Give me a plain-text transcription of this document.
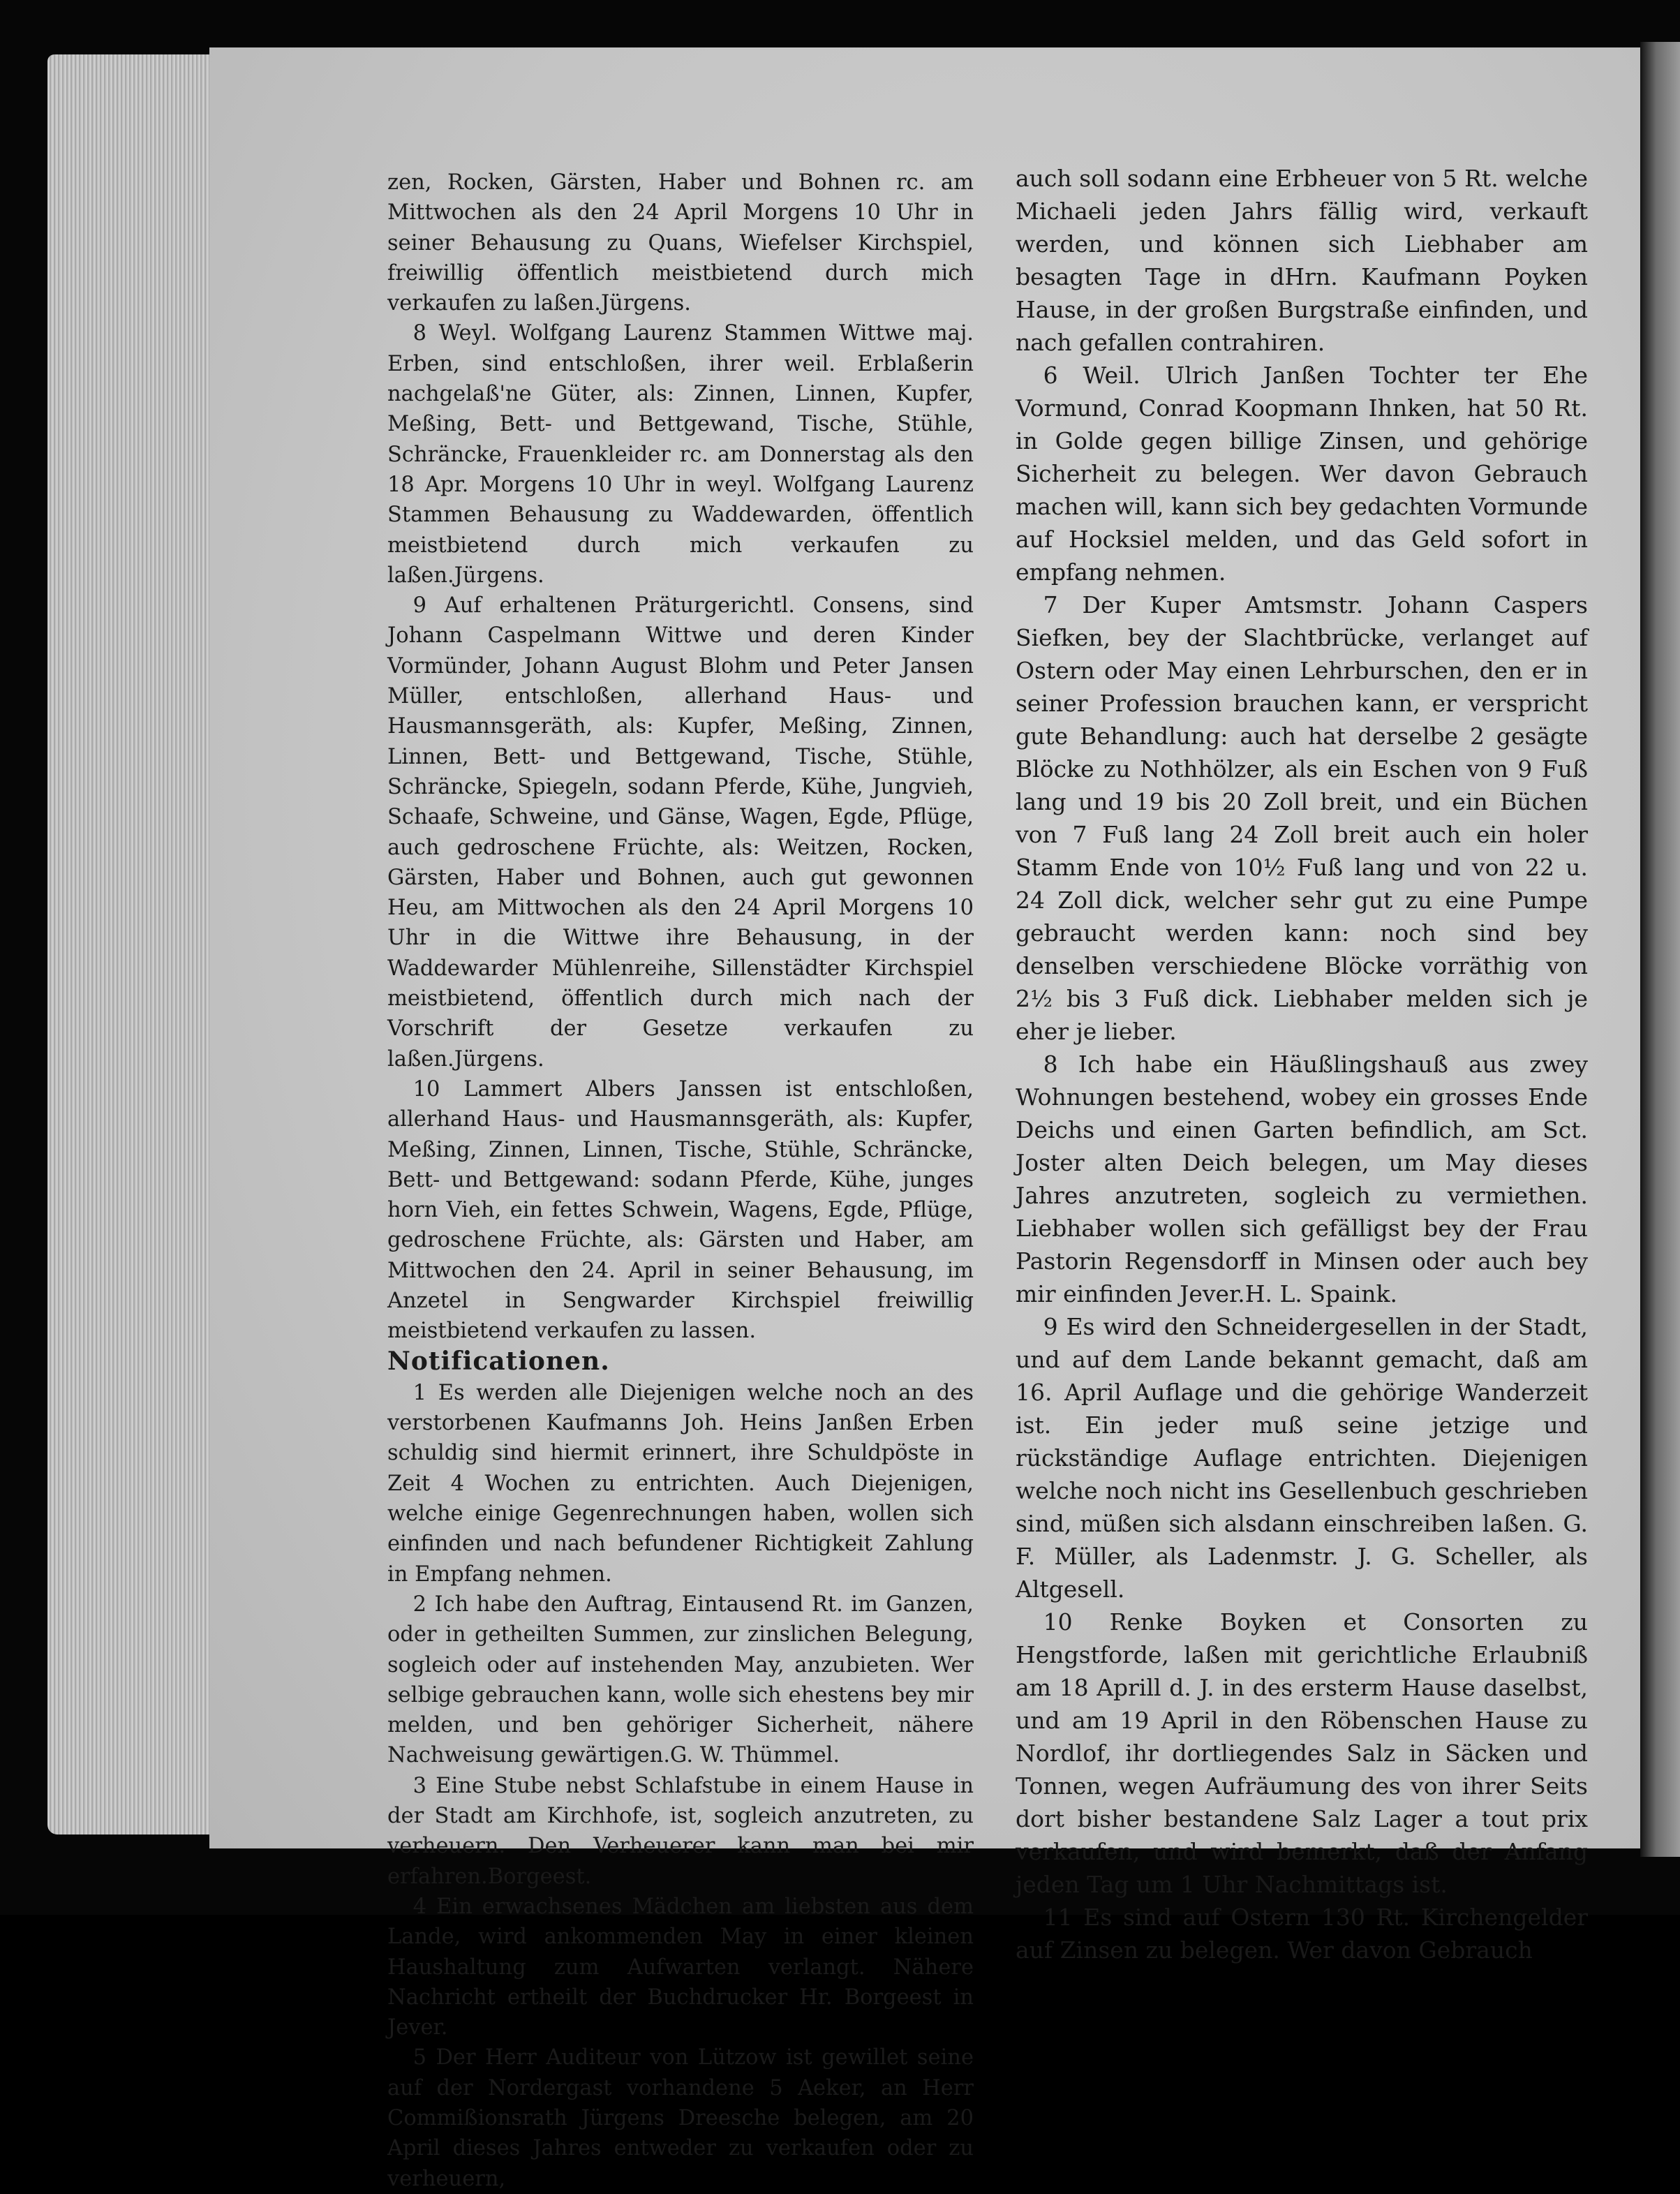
zen, Rocken, Gärsten, Haber und Bohnen rc. am Mittwochen als den 24 April Morgens 10 Uhr in seiner Behausung zu Quans, Wiefelser Kirchspiel, freiwillig öffentlich meistbietend durch mich verkaufen zu laßen.Jürgens.

8 Weyl. Wolfgang Laurenz Stammen Wittwe maj. Erben, sind entschloßen, ihrer weil. Erblaßerin nachgelaß'ne Güter, als: Zinnen, Linnen, Kupfer, Meßing, Bett- und Bettgewand, Tische, Stühle, Schräncke, Frauenkleider rc. am Donnerstag als den 18 Apr. Morgens 10 Uhr in weyl. Wolfgang Laurenz Stammen Behausung zu Waddewarden, öffentlich meistbietend durch mich verkaufen zu laßen.Jürgens.

9 Auf erhaltenen Präturgerichtl. Consens, sind Johann Caspelmann Wittwe und deren Kinder Vormünder, Johann August Blohm und Peter Jansen Müller, entschloßen, allerhand Haus- und Hausmannsgeräth, als: Kupfer, Meßing, Zinnen, Linnen, Bett- und Bettgewand, Tische, Stühle, Schräncke, Spiegeln, sodann Pferde, Kühe, Jungvieh, Schaafe, Schweine, und Gänse, Wagen, Egde, Pflüge, auch gedroschene Früchte, als: Weitzen, Rocken, Gärsten, Haber und Bohnen, auch gut gewonnen Heu, am Mittwochen als den 24 April Morgens 10 Uhr in die Wittwe ihre Behausung, in der Waddewarder Mühlenreihe, Sillenstädter Kirchspiel meistbietend, öffentlich durch mich nach der Vorschrift der Gesetze verkaufen zu laßen.Jürgens.

10 Lammert Albers Janssen ist entschloßen, allerhand Haus- und Hausmannsgeräth, als: Kupfer, Meßing, Zinnen, Linnen, Tische, Stühle, Schräncke, Bett- und Bettgewand: sodann Pferde, Kühe, junges horn Vieh, ein fettes Schwein, Wagens, Egde, Pflüge, gedroschene Früchte, als: Gärsten und Haber, am Mittwochen den 24. April in seiner Behausung, im Anzetel in Sengwarder Kirchspiel freiwillig meistbietend verkaufen zu lassen.

Notificationen.

1 Es werden alle Diejenigen welche noch an des verstorbenen Kaufmanns Joh. Heins Janßen Erben schuldig sind hiermit erinnert, ihre Schuldpöste in Zeit 4 Wochen zu entrichten. Auch Diejenigen, welche einige Gegenrechnungen haben, wollen sich einfinden und nach befundener Richtigkeit Zahlung in Empfang nehmen.

2 Ich habe den Auftrag, Eintausend Rt. im Ganzen, oder in getheilten Summen, zur zinslichen Belegung, sogleich oder auf instehenden May, anzubieten. Wer selbige gebrauchen kann, wolle sich ehestens bey mir melden, und ben gehöriger Sicherheit, nähere Nachweisung gewärtigen.G. W. Thümmel.

3 Eine Stube nebst Schlafstube in einem Hause in der Stadt am Kirchhofe, ist, sogleich anzutreten, zu verheuern. Den Verheuerer kann man bei mir erfahren.Borgeest.

4 Ein erwachsenes Mädchen am liebsten aus dem Lande, wird ankommenden May in einer kleinen Haushaltung zum Aufwarten verlangt. Nähere Nachricht ertheilt der Buchdrucker Hr. Borgeest in Jever.

5 Der Herr Auditeur von Lützow ist gewillet seine auf der Nordergast vorhandene 5 Aeker, an Herr Commißionsrath Jürgens Dreesche belegen, am 20 April dieses Jahres entweder zu verkaufen oder zu verheuern,

auch soll sodann eine Erbheuer von 5 Rt. welche Michaeli jeden Jahrs fällig wird, verkauft werden, und können sich Liebhaber am besagten Tage in dHrn. Kaufmann Poyken Hause, in der großen Burgstraße einfinden, und nach gefallen contrahiren.

6 Weil. Ulrich Janßen Tochter ter Ehe Vormund, Conrad Koopmann Ihnken, hat 50 Rt. in Golde gegen billige Zinsen, und gehörige Sicherheit zu belegen. Wer davon Gebrauch machen will, kann sich bey gedachten Vormunde auf Hocksiel melden, und das Geld sofort in empfang nehmen.

7 Der Kuper Amtsmstr. Johann Caspers Siefken, bey der Slachtbrücke, verlanget auf Ostern oder May einen Lehrburschen, den er in seiner Profession brauchen kann, er verspricht gute Behandlung: auch hat derselbe 2 gesägte Blöcke zu Nothhölzer, als ein Eschen von 9 Fuß lang und 19 bis 20 Zoll breit, und ein Büchen von 7 Fuß lang 24 Zoll breit auch ein holer Stamm Ende von 10½ Fuß lang und von 22 u. 24 Zoll dick, welcher sehr gut zu eine Pumpe gebraucht werden kann: noch sind bey denselben verschiedene Blöcke vorräthig von 2½ bis 3 Fuß dick. Liebhaber melden sich je eher je lieber.

8 Ich habe ein Häußlingshauß aus zwey Wohnungen bestehend, wobey ein grosses Ende Deichs und einen Garten befindlich, am Sct. Joster alten Deich belegen, um May dieses Jahres anzutreten, sogleich zu vermiethen. Liebhaber wollen sich gefälligst bey der Frau Pastorin Regensdorff in Minsen oder auch bey mir einfinden Jever.H. L. Spaink.

9 Es wird den Schneidergesellen in der Stadt, und auf dem Lande bekannt gemacht, daß am 16. April Auflage und die gehörige Wanderzeit ist. Ein jeder muß seine jetzige und rückständige Auflage entrichten. Diejenigen welche noch nicht ins Gesellenbuch geschrieben sind, müßen sich alsdann einschreiben laßen. G. F. Müller, als Ladenmstr. J. G. Scheller, als Altgesell.

10 Renke Boyken et Consorten zu Hengstforde, laßen mit gerichtliche Erlaubniß am 18 Aprill d. J. in des ersterm Hause daselbst, und am 19 April in den Röbenschen Hause zu Nordlof, ihr dortliegendes Salz in Säcken und Tonnen, wegen Aufräumung des von ihrer Seits dort bisher bestandene Salz Lager a tout prix verkaufen, und wird bemerkt, daß der Anfang jeden Tag um 1 Uhr Nachmittags ist.

11 Es sind auf Ostern 130 Rt. Kirchengelder auf Zinsen zu belegen. Wer davon Gebrauch
